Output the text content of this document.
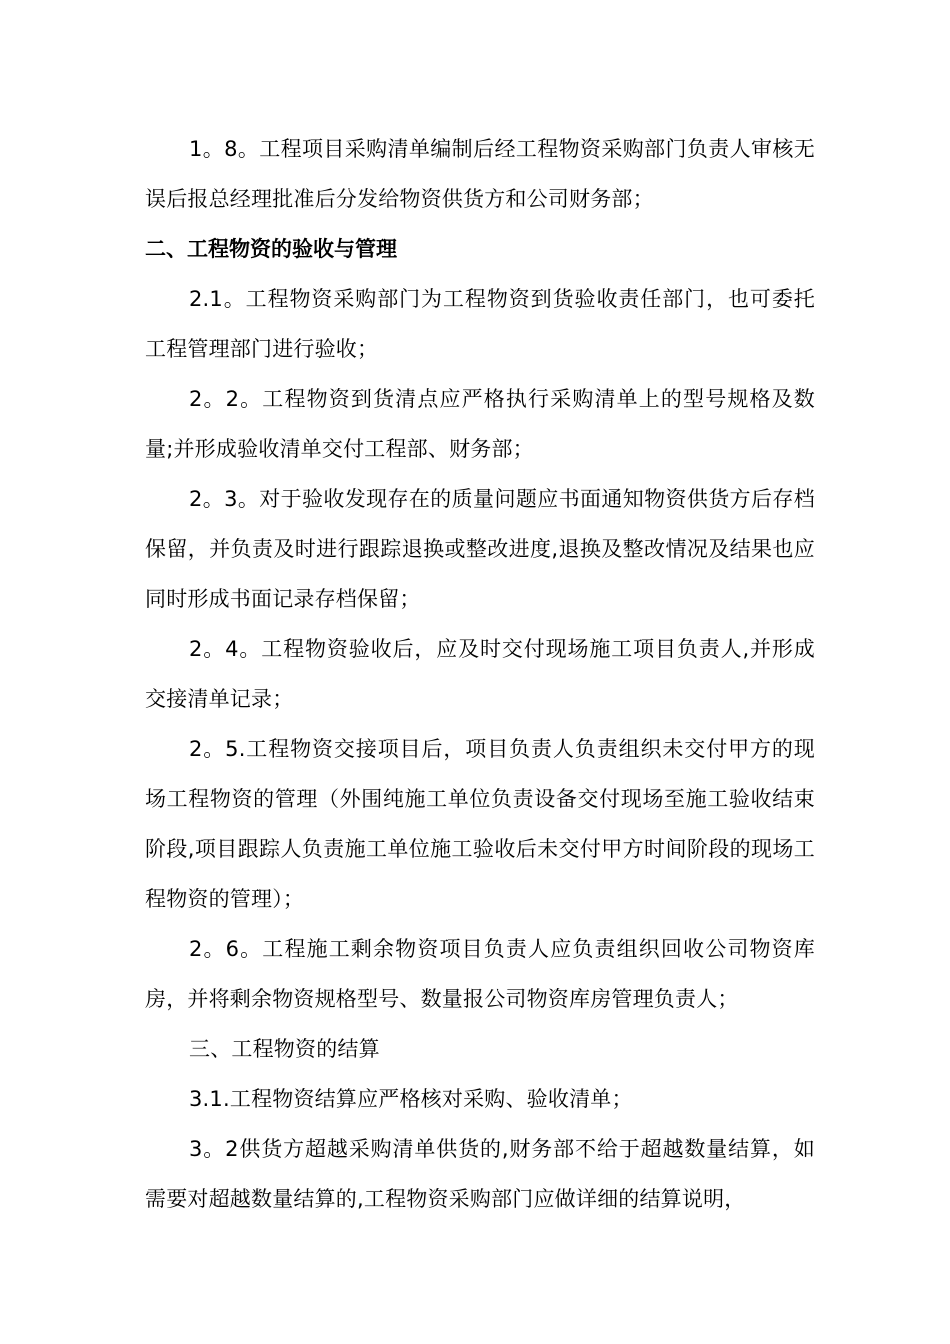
1。8。工程项目采购清单编制后经工程物资采购部门负责人审核无误后报总经理批准后分发给物资供货方和公司财务部；

二、工程物资的验收与管理

2.1。工程物资采购部门为工程物资到货验收责任部门，也可委托工程管理部门进行验收；

2。2。工程物资到货清点应严格执行采购清单上的型号规格及数量;并形成验收清单交付工程部、财务部；

2。3。对于验收发现存在的质量问题应书面通知物资供货方后存档保留，并负责及时进行跟踪退换或整改进度,退换及整改情况及结果也应同时形成书面记录存档保留；

2。4。工程物资验收后，应及时交付现场施工项目负责人,并形成交接清单记录；

2。5.工程物资交接项目后，项目负责人负责组织未交付甲方的现场工程物资的管理（外围纯施工单位负责设备交付现场至施工验收结束阶段,项目跟踪人负责施工单位施工验收后未交付甲方时间阶段的现场工程物资的管理）；

2。6。工程施工剩余物资项目负责人应负责组织回收公司物资库房，并将剩余物资规格型号、数量报公司物资库房管理负责人；

三、工程物资的结算

3.1.工程物资结算应严格核对采购、验收清单；

3。2供货方超越采购清单供货的,财务部不给于超越数量结算，如需要对超越数量结算的,工程物资采购部门应做详细的结算说明，
